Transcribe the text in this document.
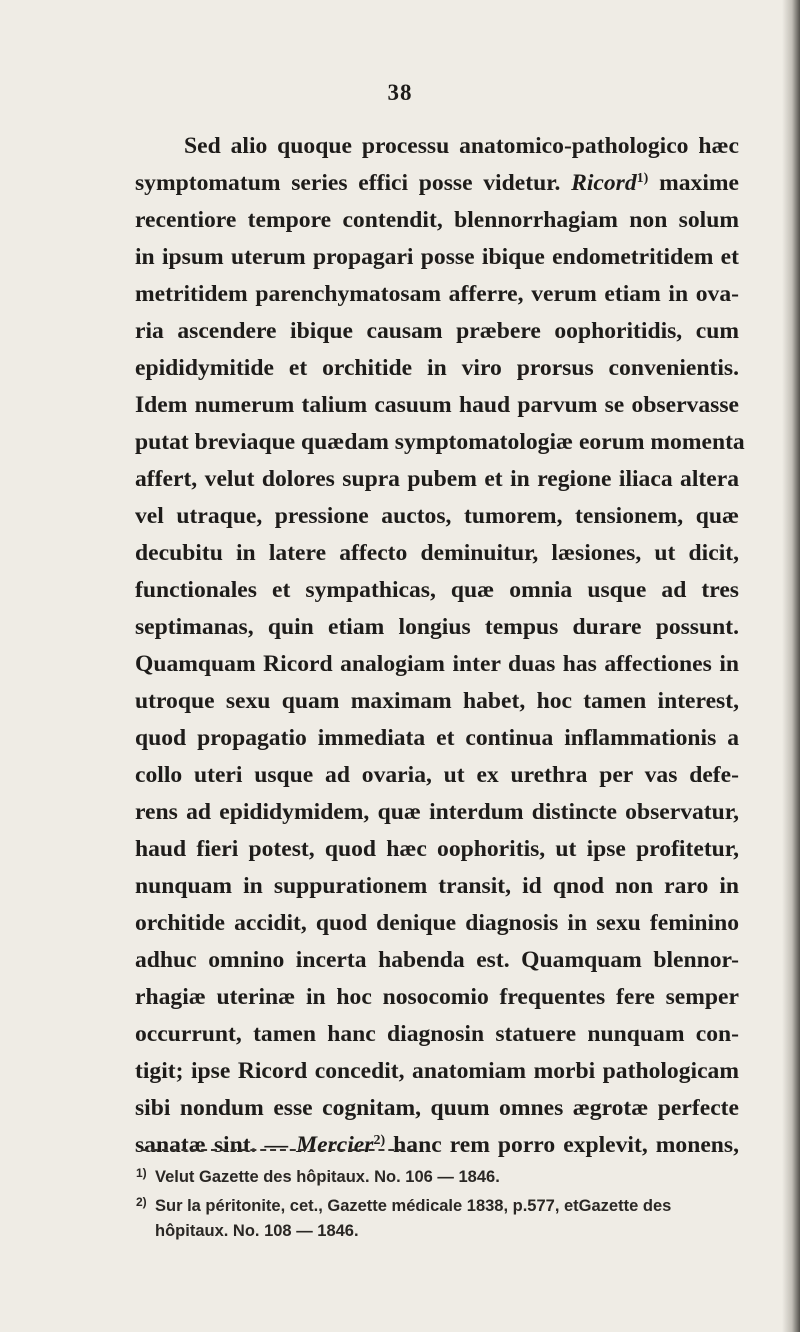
38
Sed alio quoque processu anatomico-pathologico hæc
symptomatum series effici posse videtur. Ricord$^{1)}$ maxime
recentiore tempore contendit, blennorrhagiam non solum
in ipsum uterum propagari posse ibique endometritidem et
metritidem parenchymatosam afferre, verum etiam in ova-
ria ascendere ibique causam præbere oophoritidis, cum
epididymitide et orchitide in viro prorsus convenientis.
Idem numerum talium casuum haud parvum se observasse
putat breviaque quædam symptomatologiæ eorum momenta
affert, velut dolores supra pubem et in regione iliaca altera
vel utraque, pressione auctos, tumorem, tensionem, quæ
decubitu in latere affecto deminuitur, læsiones, ut dicit,
functionales et sympathicas, quæ omnia usque ad tres
septimanas, quin etiam longius tempus durare possunt.
Quamquam Ricord analogiam inter duas has affectiones in
utroque sexu quam maximam habet, hoc tamen interest,
quod propagatio immediata et continua inflammationis a
collo uteri usque ad ovaria, ut ex urethra per vas defe-
rens ad epididymidem, quæ interdum distincte observatur,
haud fieri potest, quod hæc oophoritis, ut ipse profitetur,
nunquam in suppurationem transit, id qnod non raro in
orchitide accidit, quod denique diagnosis in sexu feminino
adhuc omnino incerta habenda est. Quamquam blennor-
rhagiæ uterinæ in hoc nosocomio frequentes fere semper
occurrunt, tamen hanc diagnosin statuere nunquam con-
tigit; ipse Ricord concedit, anatomiam morbi pathologicam
sibi nondum esse cognitam, quum omnes ægrotæ perfecte
sanatæ sint. — Mercier$^{2)}$ hanc rem porro explevit, monens,
1) Velut Gazette des hôpitaux. No. 106 — 1846.
2) Sur la péritonite, cet., Gazette médicale 1838, p.577, etGazette des
hôpitaux. No. 108 — 1846.
